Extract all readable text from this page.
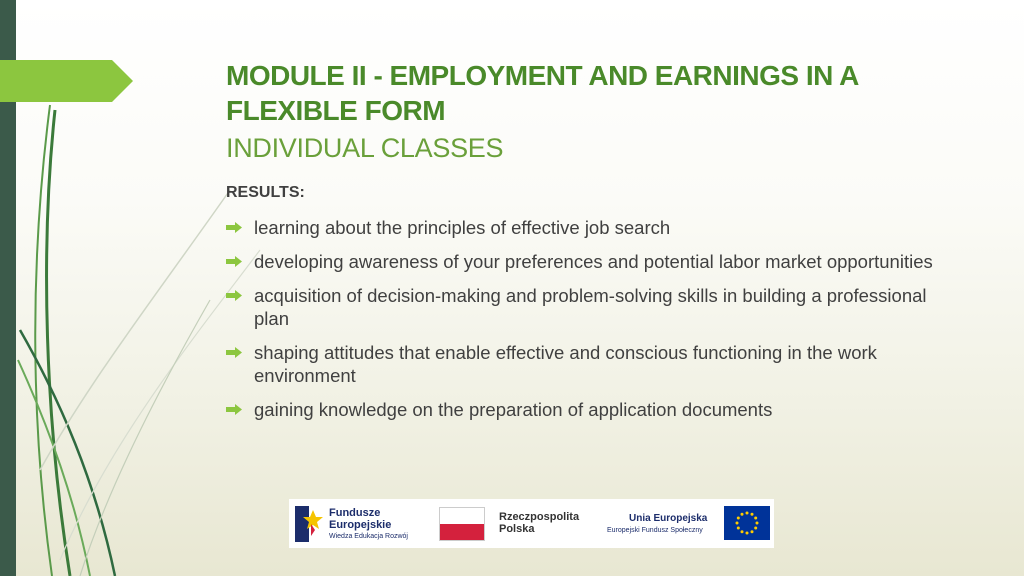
MODULE II - EMPLOYMENT AND EARNINGS IN A
FLEXIBLE FORM
INDIVIDUAL CLASSES
RESULTS:
learning about the principles of effective job search
developing awareness of your preferences and potential labor market opportunities
acquisition of decision-making and problem-solving skills in building a professional plan
shaping attitudes that enable effective and conscious functioning in the work environment
gaining knowledge on the preparation of application documents
Fundusze Europejskie
Wiedza Edukacja Rozwój
Rzeczpospolita Polska
Unia Europejska
Europejski Fundusz Społeczny
